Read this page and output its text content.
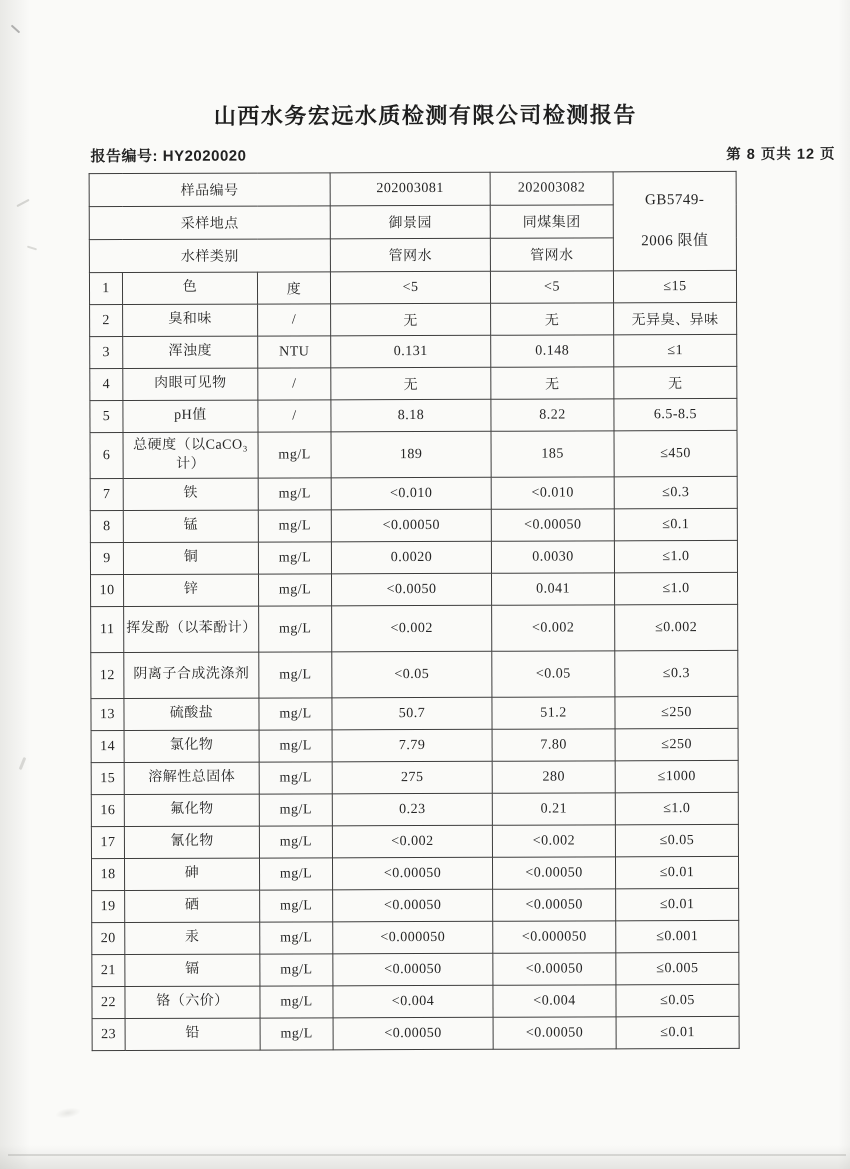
山西水务宏远水质检测有限公司检测报告
报告编号: HY2020020	第 8 页共 12 页
样品编号			202003081	202003082	GB5749-
2006 限值

采样地点			御景园	同煤集团	
水样类别			管网水	管网水	
1	色	度	<5	<5	≤15
2	臭和味	/	无	无	无异臭、异味
3	浑浊度	NTU	0.131	0.148	≤1
4	肉眼可见物	/	无	无	无
5	pH值	/	8.18	8.22	6.5-8.5
6	总硬度（以CaCO₃计）	mg/L	189	185	≤450
7	铁	mg/L	<0.010	<0.010	≤0.3
8	锰	mg/L	<0.00050	<0.00050	≤0.1
9	铜	mg/L	0.0020	0.0030	≤1.0
10	锌	mg/L	<0.0050	0.041	≤1.0
11	挥发酚（以苯酚计）	mg/L	<0.002	<0.002	≤0.002
12	阴离子合成洗涤剂	mg/L	<0.05	<0.05	≤0.3
13	硫酸盐	mg/L	50.7	51.2	≤250
14	氯化物	mg/L	7.79	7.80	≤250
15	溶解性总固体	mg/L	275	280	≤1000
16	氟化物	mg/L	0.23	0.21	≤1.0
17	氰化物	mg/L	<0.002	<0.002	≤0.05
18	砷	mg/L	<0.00050	<0.00050	≤0.01
19	硒	mg/L	<0.00050	<0.00050	≤0.01
20	汞	mg/L	<0.000050	<0.000050	≤0.001
21	镉	mg/L	<0.00050	<0.00050	≤0.005
22	铬（六价）	mg/L	<0.004	<0.004	≤0.05
23	铅	mg/L	<0.00050	<0.00050	≤0.01
